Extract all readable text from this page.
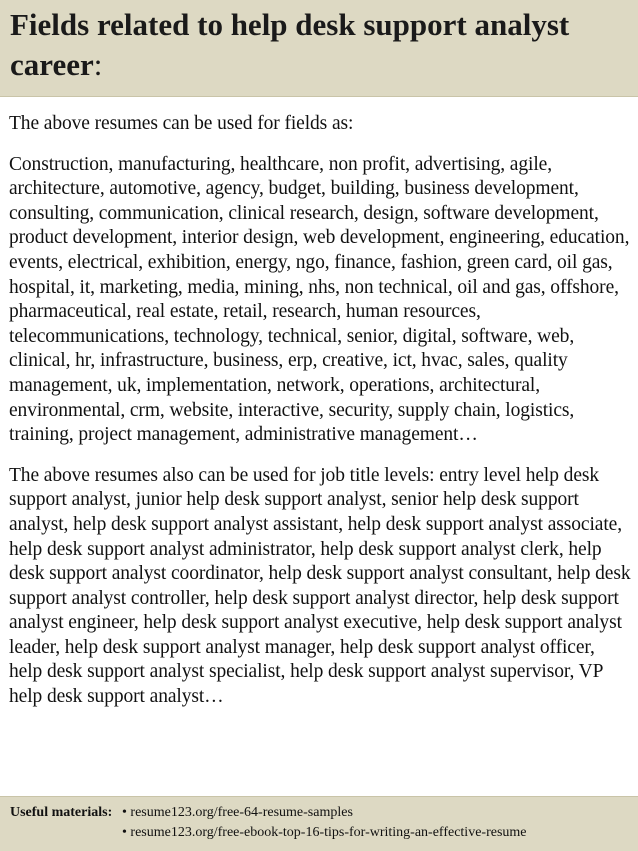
Fields related to help desk support analyst career:

The above resumes can be used for fields as:

Construction, manufacturing, healthcare, non profit, advertising, agile, architecture, automotive, agency, budget, building, business development, consulting, communication, clinical research, design, software development, product development, interior design, web development, engineering, education, events, electrical, exhibition, energy, ngo, finance, fashion, green card, oil gas, hospital, it, marketing, media, mining, nhs, non technical, oil and gas, offshore, pharmaceutical, real estate, retail, research, human resources, telecommunications, technology, technical, senior, digital, software, web, clinical, hr, infrastructure, business, erp, creative, ict, hvac, sales, quality management, uk, implementation, network, operations, architectural, environmental, crm, website, interactive, security, supply chain, logistics, training, project management, administrative management…

The above resumes also can be used for job title levels: entry level help desk support analyst, junior help desk support analyst, senior help desk support analyst, help desk support analyst assistant, help desk support analyst associate, help desk support analyst administrator, help desk support analyst clerk, help desk support analyst coordinator, help desk support analyst consultant, help desk support analyst controller, help desk support analyst director, help desk support analyst engineer, help desk support analyst executive, help desk support analyst leader, help desk support analyst manager, help desk support analyst officer, help desk support analyst specialist, help desk support analyst supervisor, VP help desk support analyst…

Useful materials: • resume123.org/free-64-resume-samples
• resume123.org/free-ebook-top-16-tips-for-writing-an-effective-resume
